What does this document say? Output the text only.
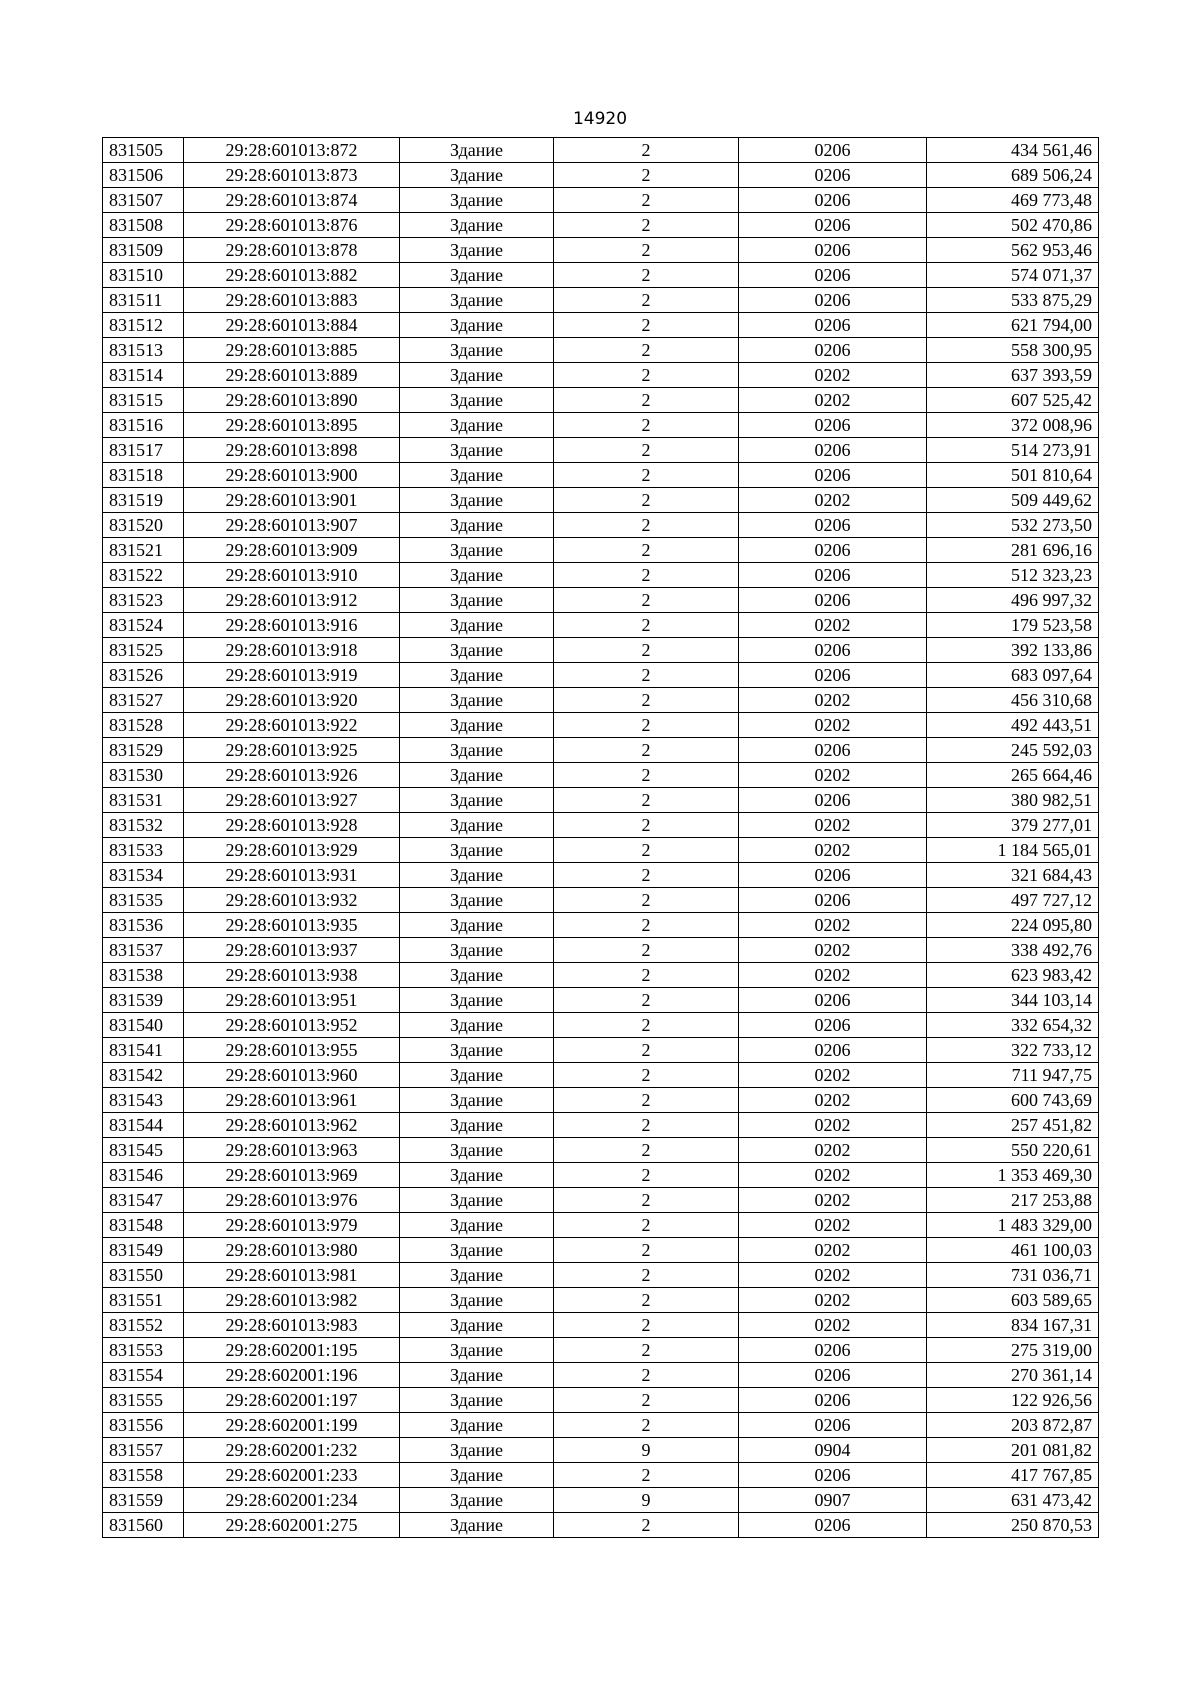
14920
831505	29:28:601013:872	Здание	2	0206	434 561,46
831506	29:28:601013:873	Здание	2	0206	689 506,24
831507	29:28:601013:874	Здание	2	0206	469 773,48
831508	29:28:601013:876	Здание	2	0206	502 470,86
831509	29:28:601013:878	Здание	2	0206	562 953,46
831510	29:28:601013:882	Здание	2	0206	574 071,37
831511	29:28:601013:883	Здание	2	0206	533 875,29
831512	29:28:601013:884	Здание	2	0206	621 794,00
831513	29:28:601013:885	Здание	2	0206	558 300,95
831514	29:28:601013:889	Здание	2	0202	637 393,59
831515	29:28:601013:890	Здание	2	0202	607 525,42
831516	29:28:601013:895	Здание	2	0206	372 008,96
831517	29:28:601013:898	Здание	2	0206	514 273,91
831518	29:28:601013:900	Здание	2	0206	501 810,64
831519	29:28:601013:901	Здание	2	0202	509 449,62
831520	29:28:601013:907	Здание	2	0206	532 273,50
831521	29:28:601013:909	Здание	2	0206	281 696,16
831522	29:28:601013:910	Здание	2	0206	512 323,23
831523	29:28:601013:912	Здание	2	0206	496 997,32
831524	29:28:601013:916	Здание	2	0202	179 523,58
831525	29:28:601013:918	Здание	2	0206	392 133,86
831526	29:28:601013:919	Здание	2	0206	683 097,64
831527	29:28:601013:920	Здание	2	0202	456 310,68
831528	29:28:601013:922	Здание	2	0202	492 443,51
831529	29:28:601013:925	Здание	2	0206	245 592,03
831530	29:28:601013:926	Здание	2	0202	265 664,46
831531	29:28:601013:927	Здание	2	0206	380 982,51
831532	29:28:601013:928	Здание	2	0202	379 277,01
831533	29:28:601013:929	Здание	2	0202	1 184 565,01
831534	29:28:601013:931	Здание	2	0206	321 684,43
831535	29:28:601013:932	Здание	2	0206	497 727,12
831536	29:28:601013:935	Здание	2	0202	224 095,80
831537	29:28:601013:937	Здание	2	0202	338 492,76
831538	29:28:601013:938	Здание	2	0202	623 983,42
831539	29:28:601013:951	Здание	2	0206	344 103,14
831540	29:28:601013:952	Здание	2	0206	332 654,32
831541	29:28:601013:955	Здание	2	0206	322 733,12
831542	29:28:601013:960	Здание	2	0202	711 947,75
831543	29:28:601013:961	Здание	2	0202	600 743,69
831544	29:28:601013:962	Здание	2	0202	257 451,82
831545	29:28:601013:963	Здание	2	0202	550 220,61
831546	29:28:601013:969	Здание	2	0202	1 353 469,30
831547	29:28:601013:976	Здание	2	0202	217 253,88
831548	29:28:601013:979	Здание	2	0202	1 483 329,00
831549	29:28:601013:980	Здание	2	0202	461 100,03
831550	29:28:601013:981	Здание	2	0202	731 036,71
831551	29:28:601013:982	Здание	2	0202	603 589,65
831552	29:28:601013:983	Здание	2	0202	834 167,31
831553	29:28:602001:195	Здание	2	0206	275 319,00
831554	29:28:602001:196	Здание	2	0206	270 361,14
831555	29:28:602001:197	Здание	2	0206	122 926,56
831556	29:28:602001:199	Здание	2	0206	203 872,87
831557	29:28:602001:232	Здание	9	0904	201 081,82
831558	29:28:602001:233	Здание	2	0206	417 767,85
831559	29:28:602001:234	Здание	9	0907	631 473,42
831560	29:28:602001:275	Здание	2	0206	250 870,53
